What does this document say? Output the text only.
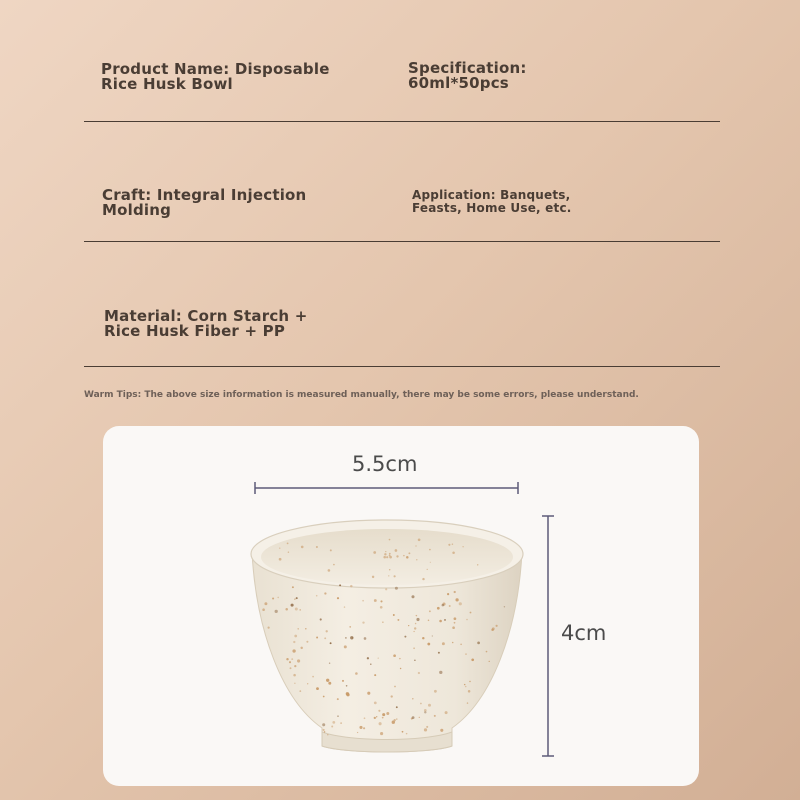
Product Name: Disposable
Rice Husk Bowl
Specification:
60ml*50pcs
Craft: Integral Injection
Molding
Application: Banquets,
Feasts, Home Use, etc.
Material: Corn Starch +
Rice Husk Fiber + PP
Warm Tips: The above size information is measured manually, there may be some errors, please understand.
5.5cm
4cm
